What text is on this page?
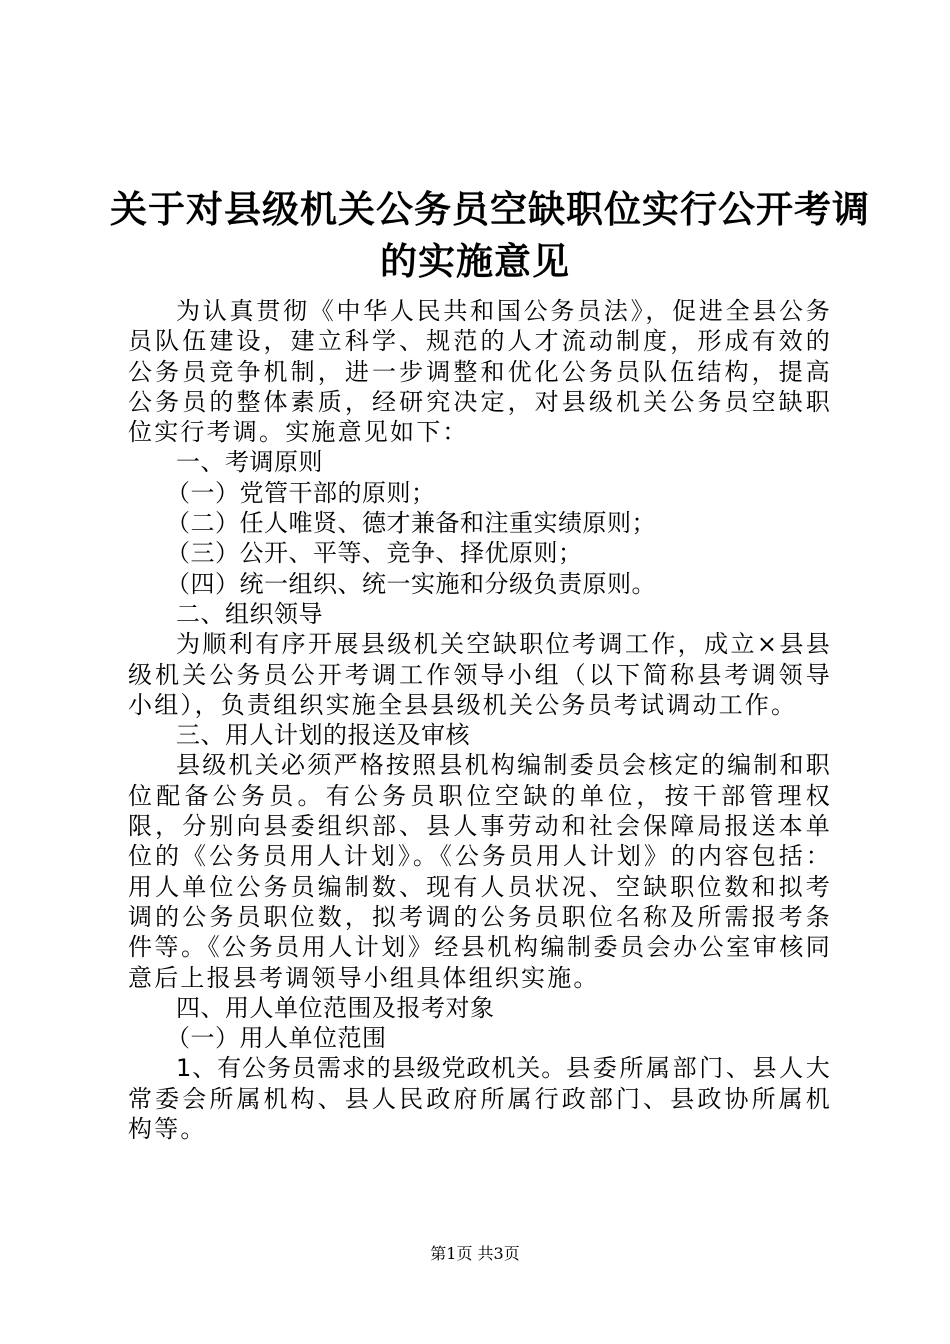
关于对县级机关公务员空缺职位实行公开考调
的实施意见

为认真贯彻《中华人民共和国公务员法》，促进全县公务员队伍建设，建立科学、规范的人才流动制度，形成有效的公务员竞争机制，进一步调整和优化公务员队伍结构，提高公务员的整体素质，经研究决定，对县级机关公务员空缺职位实行考调。实施意见如下：

一、考调原则

（一）党管干部的原则；

（二）任人唯贤、德才兼备和注重实绩原则；

（三）公开、平等、竞争、择优原则；

（四）统一组织、统一实施和分级负责原则。

二、组织领导

为顺利有序开展县级机关空缺职位考调工作，成立×县县级机关公务员公开考调工作领导小组（以下简称县考调领导小组），负责组织实施全县县级机关公务员考试调动工作。

三、用人计划的报送及审核

县级机关必须严格按照县机构编制委员会核定的编制和职位配备公务员。有公务员职位空缺的单位，按干部管理权限，分别向县委组织部、县人事劳动和社会保障局报送本单位的《公务员用人计划》。《公务员用人计划》的内容包括：用人单位公务员编制数、现有人员状况、空缺职位数和拟考调的公务员职位数，拟考调的公务员职位名称及所需报考条件等。《公务员用人计划》经县机构编制委员会办公室审核同意后上报县考调领导小组具体组织实施。

四、用人单位范围及报考对象

（一）用人单位范围

1、有公务员需求的县级党政机关。县委所属部门、县人大常委会所属机构、县人民政府所属行政部门、县政协所属机构等。

第1页 共3页
